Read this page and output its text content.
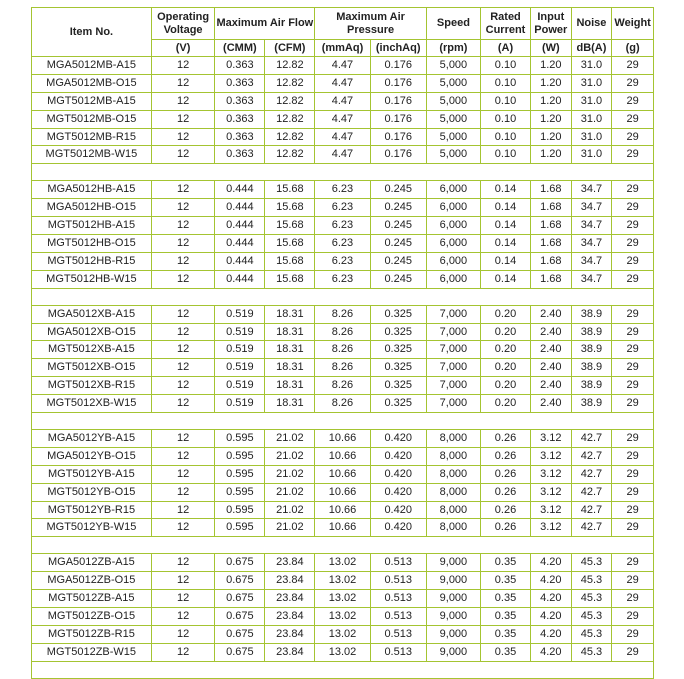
Item No.	Operating Voltage	Maximum Air Flow		Maximum Air Pressure		Speed	Rated Current	Input Power	Noise	Weight
	(V)	(CMM)	(CFM)	(mmAq)	(inchAq)	(rpm)	(A)	(W)	dB(A)	(g)
MGA5012MB-A15	12	0.363	12.82	4.47	0.176	5,000	0.10	1.20	31.0	29
MGA5012MB-O15	12	0.363	12.82	4.47	0.176	5,000	0.10	1.20	31.0	29
MGT5012MB-A15	12	0.363	12.82	4.47	0.176	5,000	0.10	1.20	31.0	29
MGT5012MB-O15	12	0.363	12.82	4.47	0.176	5,000	0.10	1.20	31.0	29
MGT5012MB-R15	12	0.363	12.82	4.47	0.176	5,000	0.10	1.20	31.0	29
MGT5012MB-W15	12	0.363	12.82	4.47	0.176	5,000	0.10	1.20	31.0	29

MGA5012HB-A15	12	0.444	15.68	6.23	0.245	6,000	0.14	1.68	34.7	29
MGA5012HB-O15	12	0.444	15.68	6.23	0.245	6,000	0.14	1.68	34.7	29
MGT5012HB-A15	12	0.444	15.68	6.23	0.245	6,000	0.14	1.68	34.7	29
MGT5012HB-O15	12	0.444	15.68	6.23	0.245	6,000	0.14	1.68	34.7	29
MGT5012HB-R15	12	0.444	15.68	6.23	0.245	6,000	0.14	1.68	34.7	29
MGT5012HB-W15	12	0.444	15.68	6.23	0.245	6,000	0.14	1.68	34.7	29

MGA5012XB-A15	12	0.519	18.31	8.26	0.325	7,000	0.20	2.40	38.9	29
MGA5012XB-O15	12	0.519	18.31	8.26	0.325	7,000	0.20	2.40	38.9	29
MGT5012XB-A15	12	0.519	18.31	8.26	0.325	7,000	0.20	2.40	38.9	29
MGT5012XB-O15	12	0.519	18.31	8.26	0.325	7,000	0.20	2.40	38.9	29
MGT5012XB-R15	12	0.519	18.31	8.26	0.325	7,000	0.20	2.40	38.9	29
MGT5012XB-W15	12	0.519	18.31	8.26	0.325	7,000	0.20	2.40	38.9	29

MGA5012YB-A15	12	0.595	21.02	10.66	0.420	8,000	0.26	3.12	42.7	29
MGA5012YB-O15	12	0.595	21.02	10.66	0.420	8,000	0.26	3.12	42.7	29
MGT5012YB-A15	12	0.595	21.02	10.66	0.420	8,000	0.26	3.12	42.7	29
MGT5012YB-O15	12	0.595	21.02	10.66	0.420	8,000	0.26	3.12	42.7	29
MGT5012YB-R15	12	0.595	21.02	10.66	0.420	8,000	0.26	3.12	42.7	29
MGT5012YB-W15	12	0.595	21.02	10.66	0.420	8,000	0.26	3.12	42.7	29

MGA5012ZB-A15	12	0.675	23.84	13.02	0.513	9,000	0.35	4.20	45.3	29
MGA5012ZB-O15	12	0.675	23.84	13.02	0.513	9,000	0.35	4.20	45.3	29
MGT5012ZB-A15	12	0.675	23.84	13.02	0.513	9,000	0.35	4.20	45.3	29
MGT5012ZB-O15	12	0.675	23.84	13.02	0.513	9,000	0.35	4.20	45.3	29
MGT5012ZB-R15	12	0.675	23.84	13.02	0.513	9,000	0.35	4.20	45.3	29
MGT5012ZB-W15	12	0.675	23.84	13.02	0.513	9,000	0.35	4.20	45.3	29
